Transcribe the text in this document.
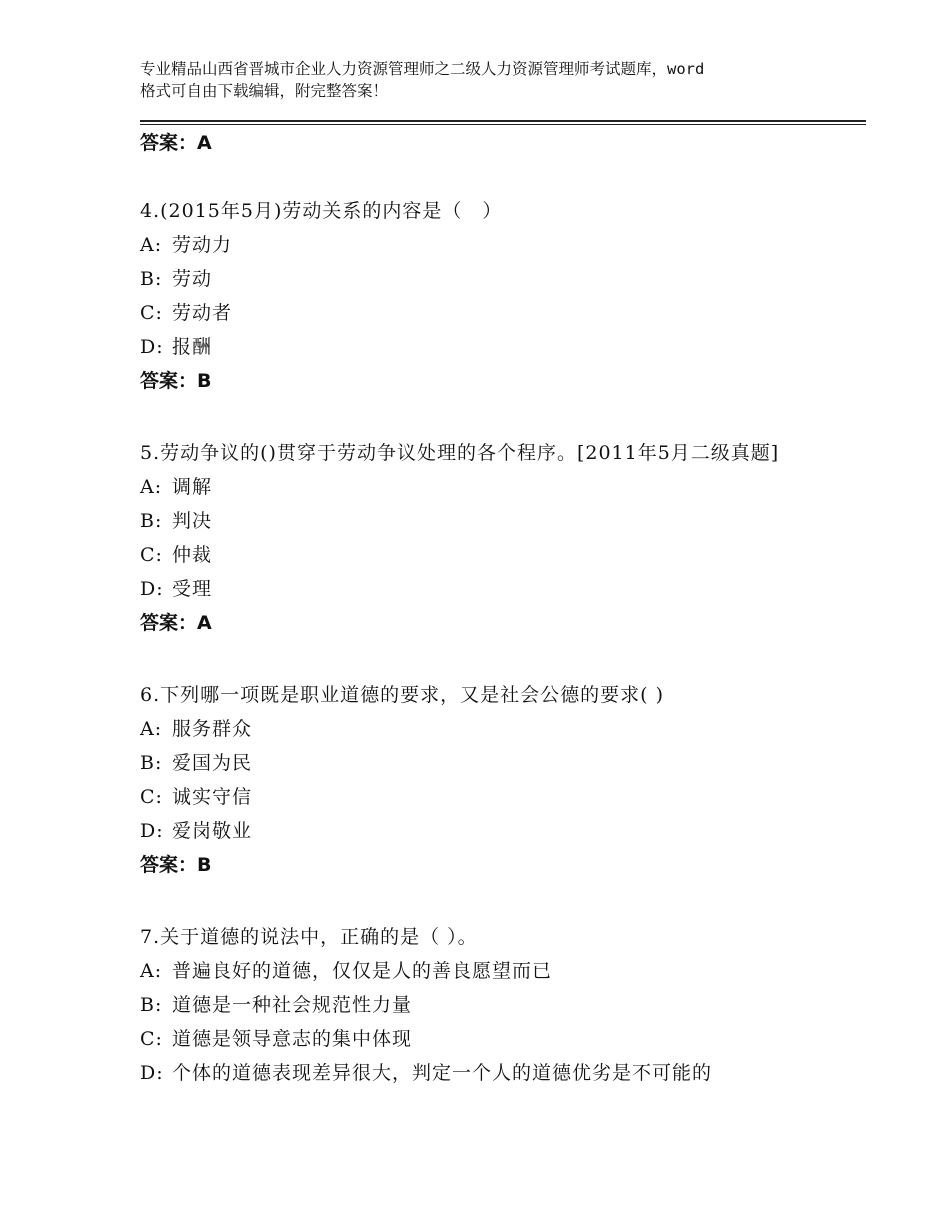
专业精品山西省晋城市企业人力资源管理师之二级人力资源管理师考试题库，word
格式可自由下载编辑，附完整答案！
答案：A
4.(2015年5月)劳动关系的内容是（　）
A: 劳动力
B: 劳动
C: 劳动者
D: 报酬
答案：B
5.劳动争议的()贯穿于劳动争议处理的各个程序。[2011年5月二级真题]
A: 调解
B: 判决
C: 仲裁
D: 受理
答案：A
6.下列哪一项既是职业道德的要求，又是社会公德的要求( )
A: 服务群众
B: 爱国为民
C: 诚实守信
D: 爱岗敬业
答案：B
7.关于道德的说法中，正确的是（ ）。
A: 普遍良好的道德，仅仅是人的善良愿望而已
B: 道德是一种社会规范性力量
C: 道德是领导意志的集中体现
D: 个体的道德表现差异很大，判定一个人的道德优劣是不可能的
